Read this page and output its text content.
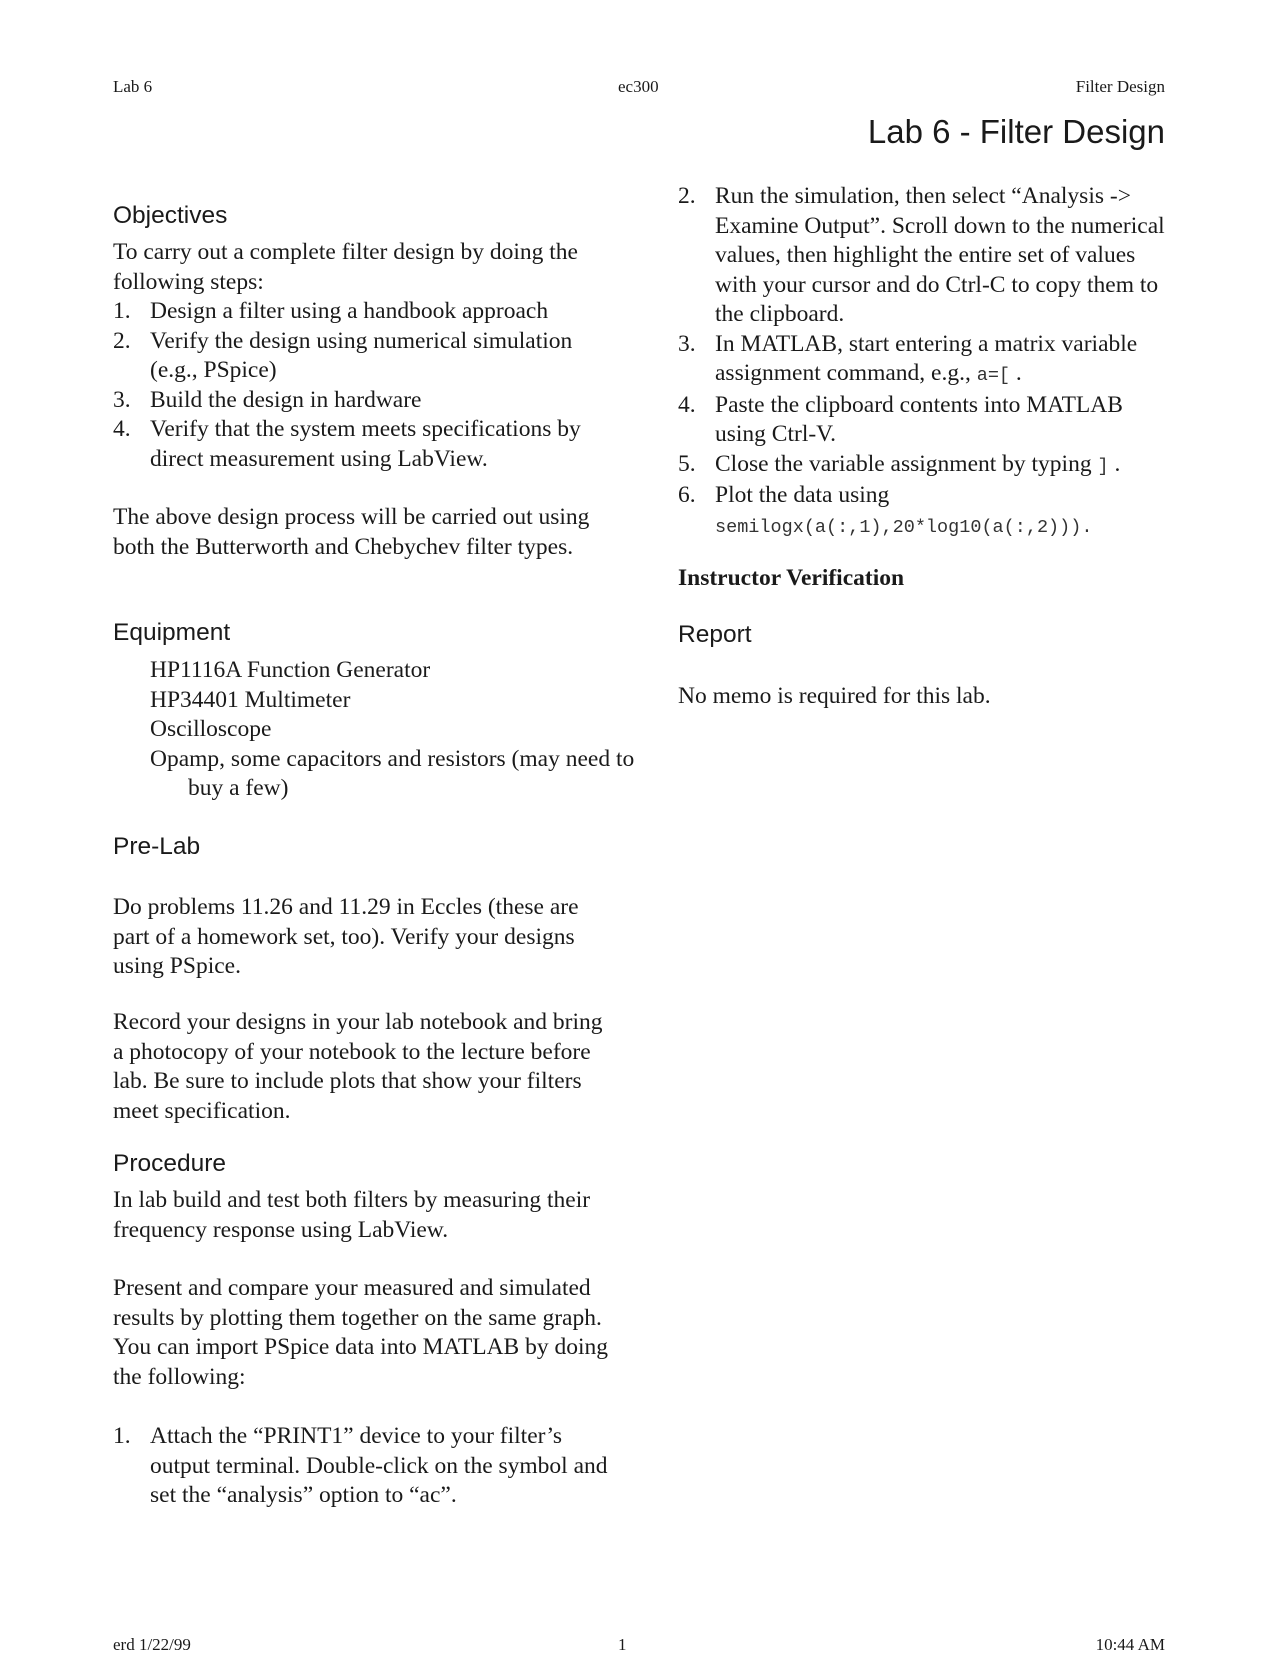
Lab 6	ec300	Filter Design
Lab 6 - Filter Design
Objectives

To carry out a complete filter design by doing the following steps:

1. Design a filter using a handbook approach
2. Verify the design using numerical simulation (e.g., PSpice)
3. Build the design in hardware
4. Verify that the system meets specifications by direct measurement using LabView.

The above design process will be carried out using both the Butterworth and Chebychev filter types.

Equipment
HP1116A Function Generator
HP34401 Multimeter
Oscilloscope
Opamp, some capacitors and resistors (may need to buy a few)
Pre-Lab

Do problems 11.26 and 11.29 in Eccles (these are part of a homework set, too). Verify your designs using PSpice.

Record your designs in your lab notebook and bring a photocopy of your notebook to the lecture before lab. Be sure to include plots that show your filters meet specification.

Procedure

In lab build and test both filters by measuring their frequency response using LabView.

Present and compare your measured and simulated results by plotting them together on the same graph. You can import PSpice data into MATLAB by doing the following:

1. Attach the “PRINT1” device to your filter’s output terminal. Double-click on the symbol and set the “analysis” option to “ac”.
2. Run the simulation, then select “Analysis -> Examine Output”. Scroll down to the numerical values, then highlight the entire set of values with your cursor and do Ctrl-C to copy them to the clipboard.
3. In MATLAB, start entering a matrix variable assignment command, e.g., a=[ .
4. Paste the clipboard contents into MATLAB using Ctrl-V.
5. Close the variable assignment by typing ] .
6. Plot the data using
semilogx(a(:,1),20*log10(a(:,2))).

Instructor Verification

Report

No memo is required for this lab.

erd 1/22/99	1	10:44 AM
